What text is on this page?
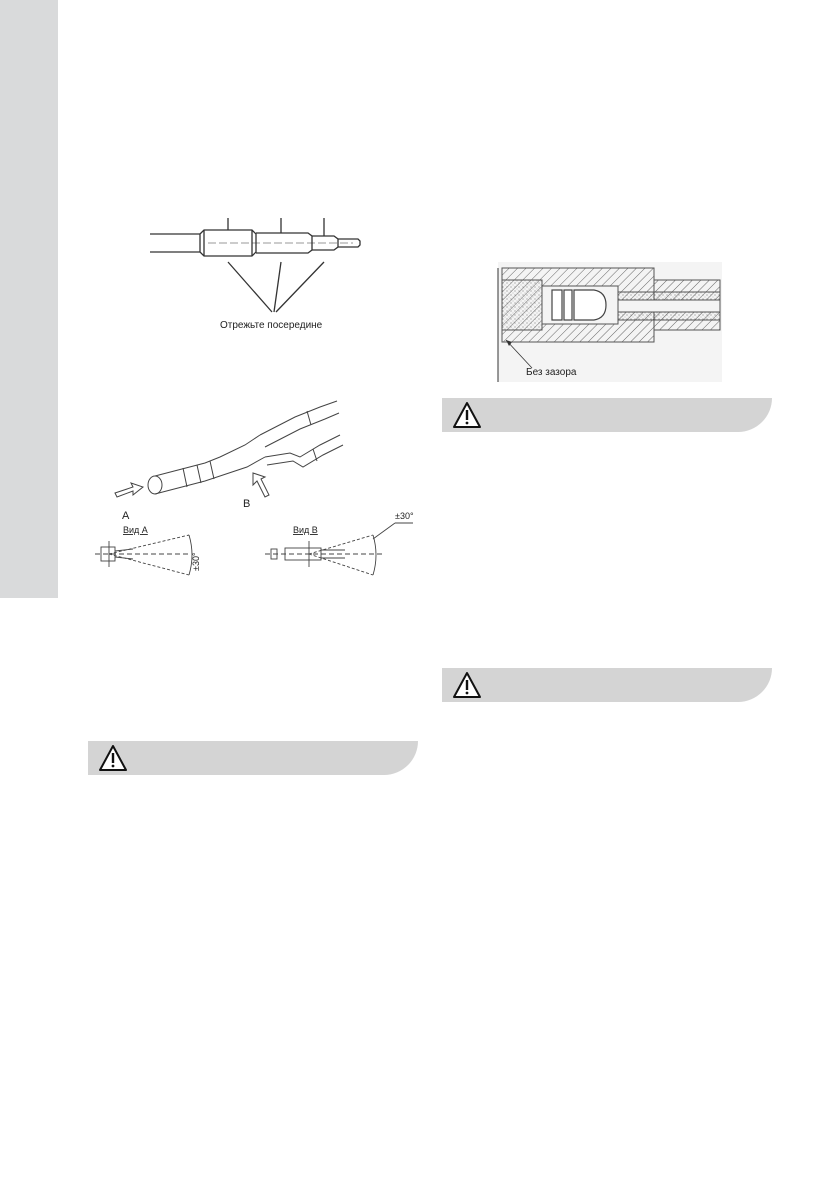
Отрежьте посередине
A
B
Вид А
±30°
Вид В
±30°
Без зазора
